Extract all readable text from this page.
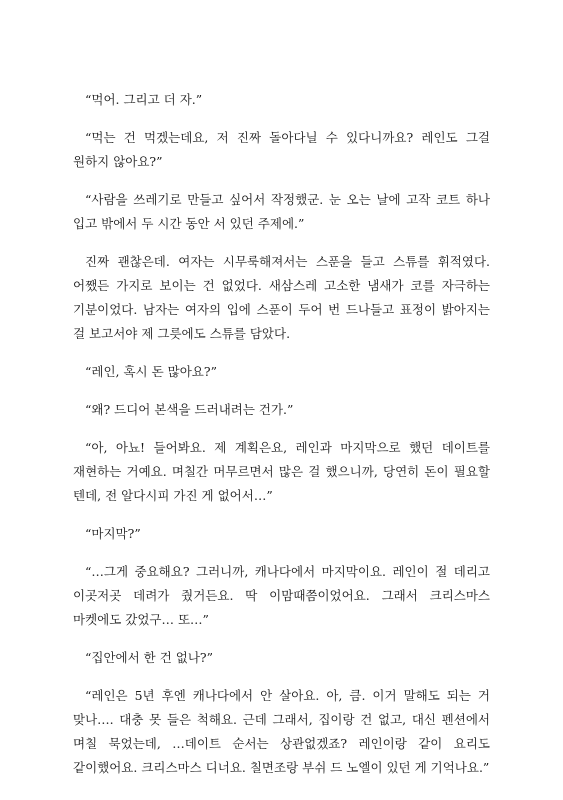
“먹어. 그리고 더 자.”

“먹는 건 먹겠는데요, 저 진짜 돌아다닐 수 있다니까요? 레인도 그걸 원하지 않아요?”

“사람을 쓰레기로 만들고 싶어서 작정했군. 눈 오는 날에 고작 코트 하나 입고 밖에서 두 시간 동안 서 있던 주제에.”

진짜 괜찮은데. 여자는 시무룩해져서는 스푼을 들고 스튜를 휘적였다. 어쨌든 가지로 보이는 건 없었다. 새삼스레 고소한 냄새가 코를 자극하는 기분이었다. 남자는 여자의 입에 스푼이 두어 번 드나들고 표정이 밝아지는 걸 보고서야 제 그릇에도 스튜를 담았다.

“레인, 혹시 돈 많아요?”

“왜? 드디어 본색을 드러내려는 건가.”

“아, 아뇨! 들어봐요. 제 계획은요, 레인과 마지막으로 했던 데이트를 재현하는 거예요. 며칠간 머무르면서 많은 걸 했으니까, 당연히 돈이 필요할 텐데, 전 알다시피 가진 게 없어서…”

“마지막?”

“…그게 중요해요? 그러니까, 캐나다에서 마지막이요. 레인이 절 데리고 이곳저곳 데려가 줬거든요. 딱 이맘때쯤이었어요. 그래서 크리스마스 마켓에도 갔었구… 또…”

“집안에서 한 건 없나?”

“레인은 5년 후엔 캐나다에서 안 살아요. 아, 큼. 이거 말해도 되는 거 맞나…. 대충 못 들은 척해요. 근데 그래서, 집이랑 건 없고, 대신 펜션에서 며칠 묵었는데, …데이트 순서는 상관없겠죠? 레인이랑 같이 요리도 같이했어요. 크리스마스 디너요. 칠면조랑 부쉬 드 노엘이 있던 게 기억나요.”
